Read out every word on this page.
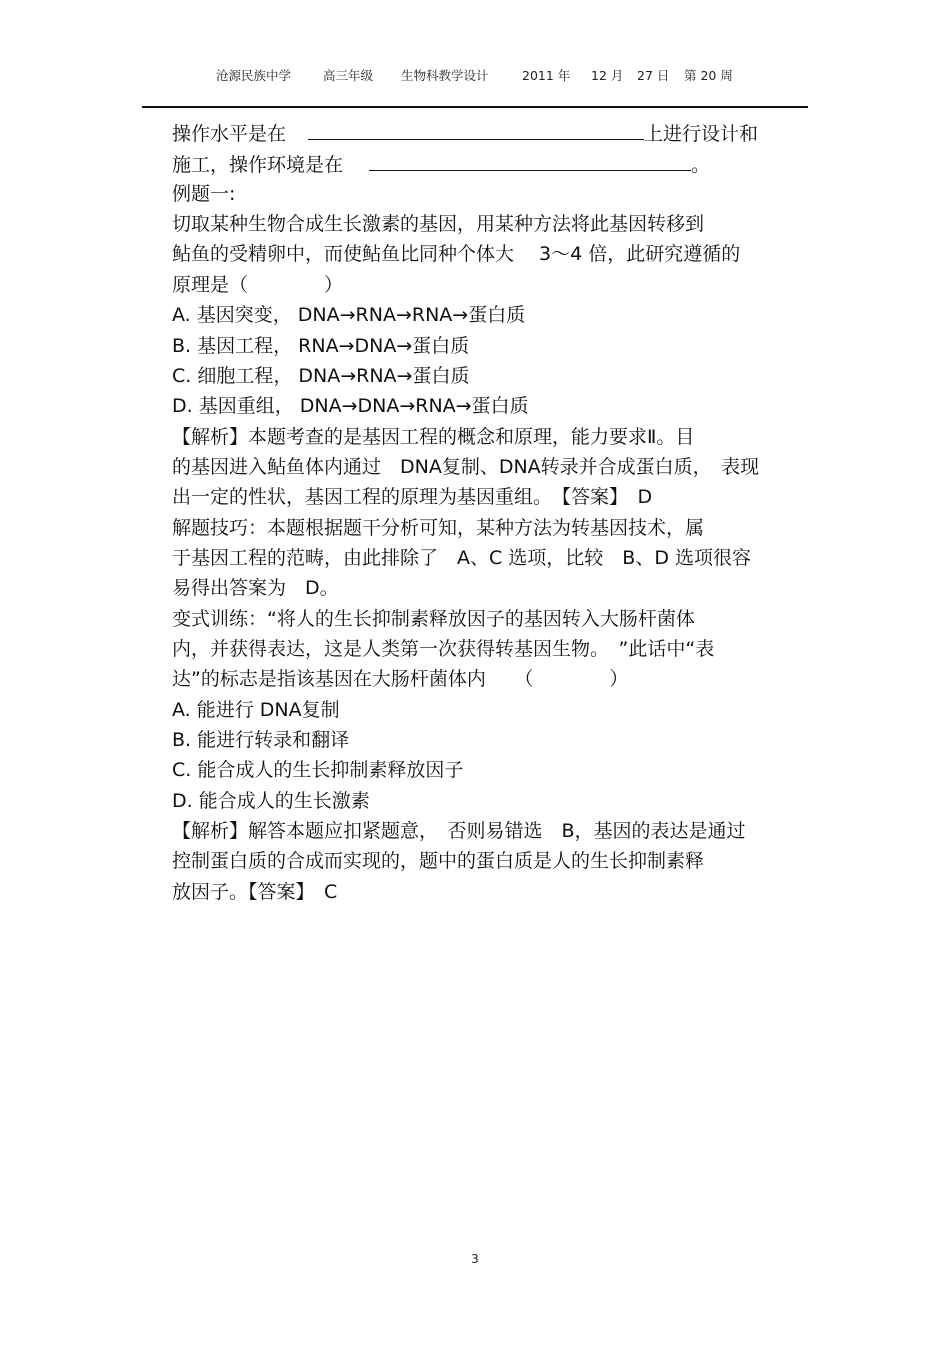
沧源民族中学	高三年级 生物科教学设计	2011 年 12 月 27 日 第 20 周
操作水平是在	上进行设计和
施工，操作环境是在	。
例题一:
切取某种生物合成生长激素的基因，用某种方法将此基因转移到
鲇鱼的受精卵中，而使鲇鱼比同种个体大　 3～4 倍，此研究遵循的
原理是（　　　　）
A. 基因突变， DNA→RNA→RNA→蛋白质
B. 基因工程， RNA→DNA→蛋白质
C. 细胞工程， DNA→RNA→蛋白质
D. 基因重组， DNA→DNA→RNA→蛋白质
【解析】本题考查的是基因工程的概念和原理，能力要求Ⅱ。目
的基因进入鲇鱼体内通过　DNA复制、DNA转录并合成蛋白质，　表现
出一定的性状，基因工程的原理为基因重组。　【答案】　D
解题技巧：本题根据题干分析可知，某种方法为转基因技术，属
于基因工程的范畴，由此排除了　A、C 选项，比较　B、D 选项很容
易得出答案为　D。
变式训练：“将人的生长抑制素释放因子的基因转入大肠杆菌体
内，并获得表达，这是人类第一次获得转基因生物。　”此话中“表
达”的标志是指该基因在大肠杆菌体内　　（　　　　）
A. 能进行 DNA复制
B. 能进行转录和翻译
C. 能合成人的生长抑制素释放因子
D. 能合成人的生长激素
【解析】解答本题应扣紧题意，　否则易错选　B，基因的表达是通过
控制蛋白质的合成而实现的，题中的蛋白质是人的生长抑制素释
放因子。【答案】　C
3
